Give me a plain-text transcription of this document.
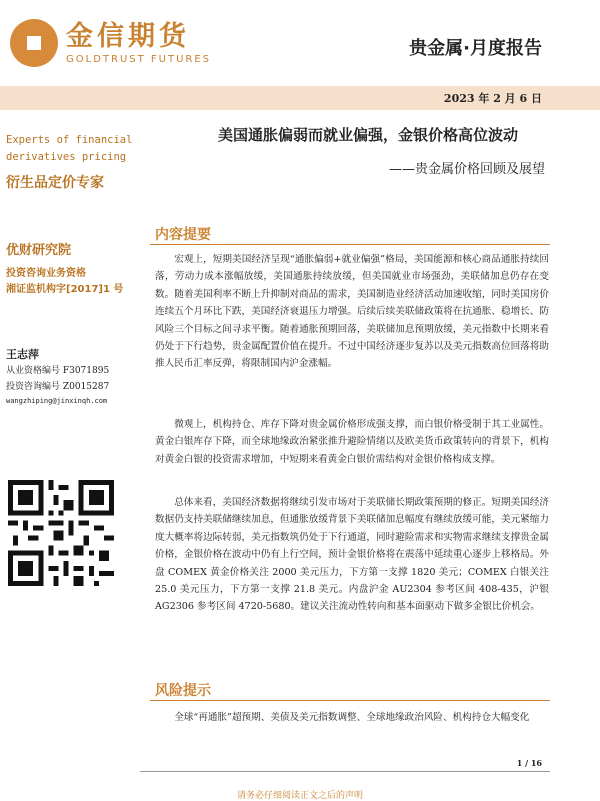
金信期货
GOLDTRUST FUTURES	贵金属·月度报告
2023 年 2 月 6 日
Experts of financial
derivatives pricing
衍生品定价专家
优财研究院
投资咨询业务资格
湘证监机构字[2017]1 号
王志萍
从业资格编号 F3071895
投资咨询编号 Z0015287
wangzhiping@jinxinqh.com
美国通胀偏弱而就业偏强，金银价格高位波动
——贵金属价格回顾及展望
内容提要
宏观上，短期美国经济呈现“通胀偏弱+就业偏强”格局，美国能源和核心商品通胀持续回落，劳动力成本涨幅放缓，美国通胀持续放缓，但美国就业市场强劲，美联储加息仍存在变数。随着美国利率不断上升抑制对商品的需求，美国制造业经济活动加速收缩，同时美国房价连续五个月环比下跌，美国经济衰退压力增强。后续后续美联储政策将在抗通胀、稳增长、防风险三个目标之间寻求平衡。随着通胀预期回落，美联储加息预期放缓，美元指数中长期来看仍处于下行趋势，贵金属配置价值在提升。不过中国经济逐步复苏以及美元指数高位回落将助推人民币汇率反弹，将限制国内沪金涨幅。
微观上，机构持仓、库存下降对贵金属价格形成强支撑，而白银价格受制于其工业属性。黄金白银库存下降，而全球地缘政治紧张推升避险情绪以及欧美货币政策转向的背景下，机构对黄金白银的投资需求增加，中短期来看黄金白银价需结构对金银价格构成支撑。
总体来看，美国经济数据将继续引发市场对于美联储长期政策预期的修正。短期美国经济数据仍支持美联储继续加息，但通胀放缓背景下美联储加息幅度有继续放缓可能，美元紧缩力度大概率将边际转弱，美元指数筑仍处于下行通道，同时避险需求和实物需求继续支撑贵金属价格，金银价格在波动中仍有上行空间，预计金银价格将在震荡中延续重心逐步上移格局。外盘 COMEX 黄金价格关注 2000 美元压力，下方第一支撑 1820 美元；COMEX 白银关注 25.0 美元压力，下方第一支撑 21.8 美元。内盘沪金 AU2304 参考区间 408-435，沪银 AG2306 参考区间 4720-5680。建议关注流动性转向和基本面驱动下做多金银比价机会。
风险提示
全球“再通胀”超预期、美债及美元指数调整、全球地缘政治风险、机构持仓大幅变化
1 / 16
请务必仔细阅读正文之后的声明
